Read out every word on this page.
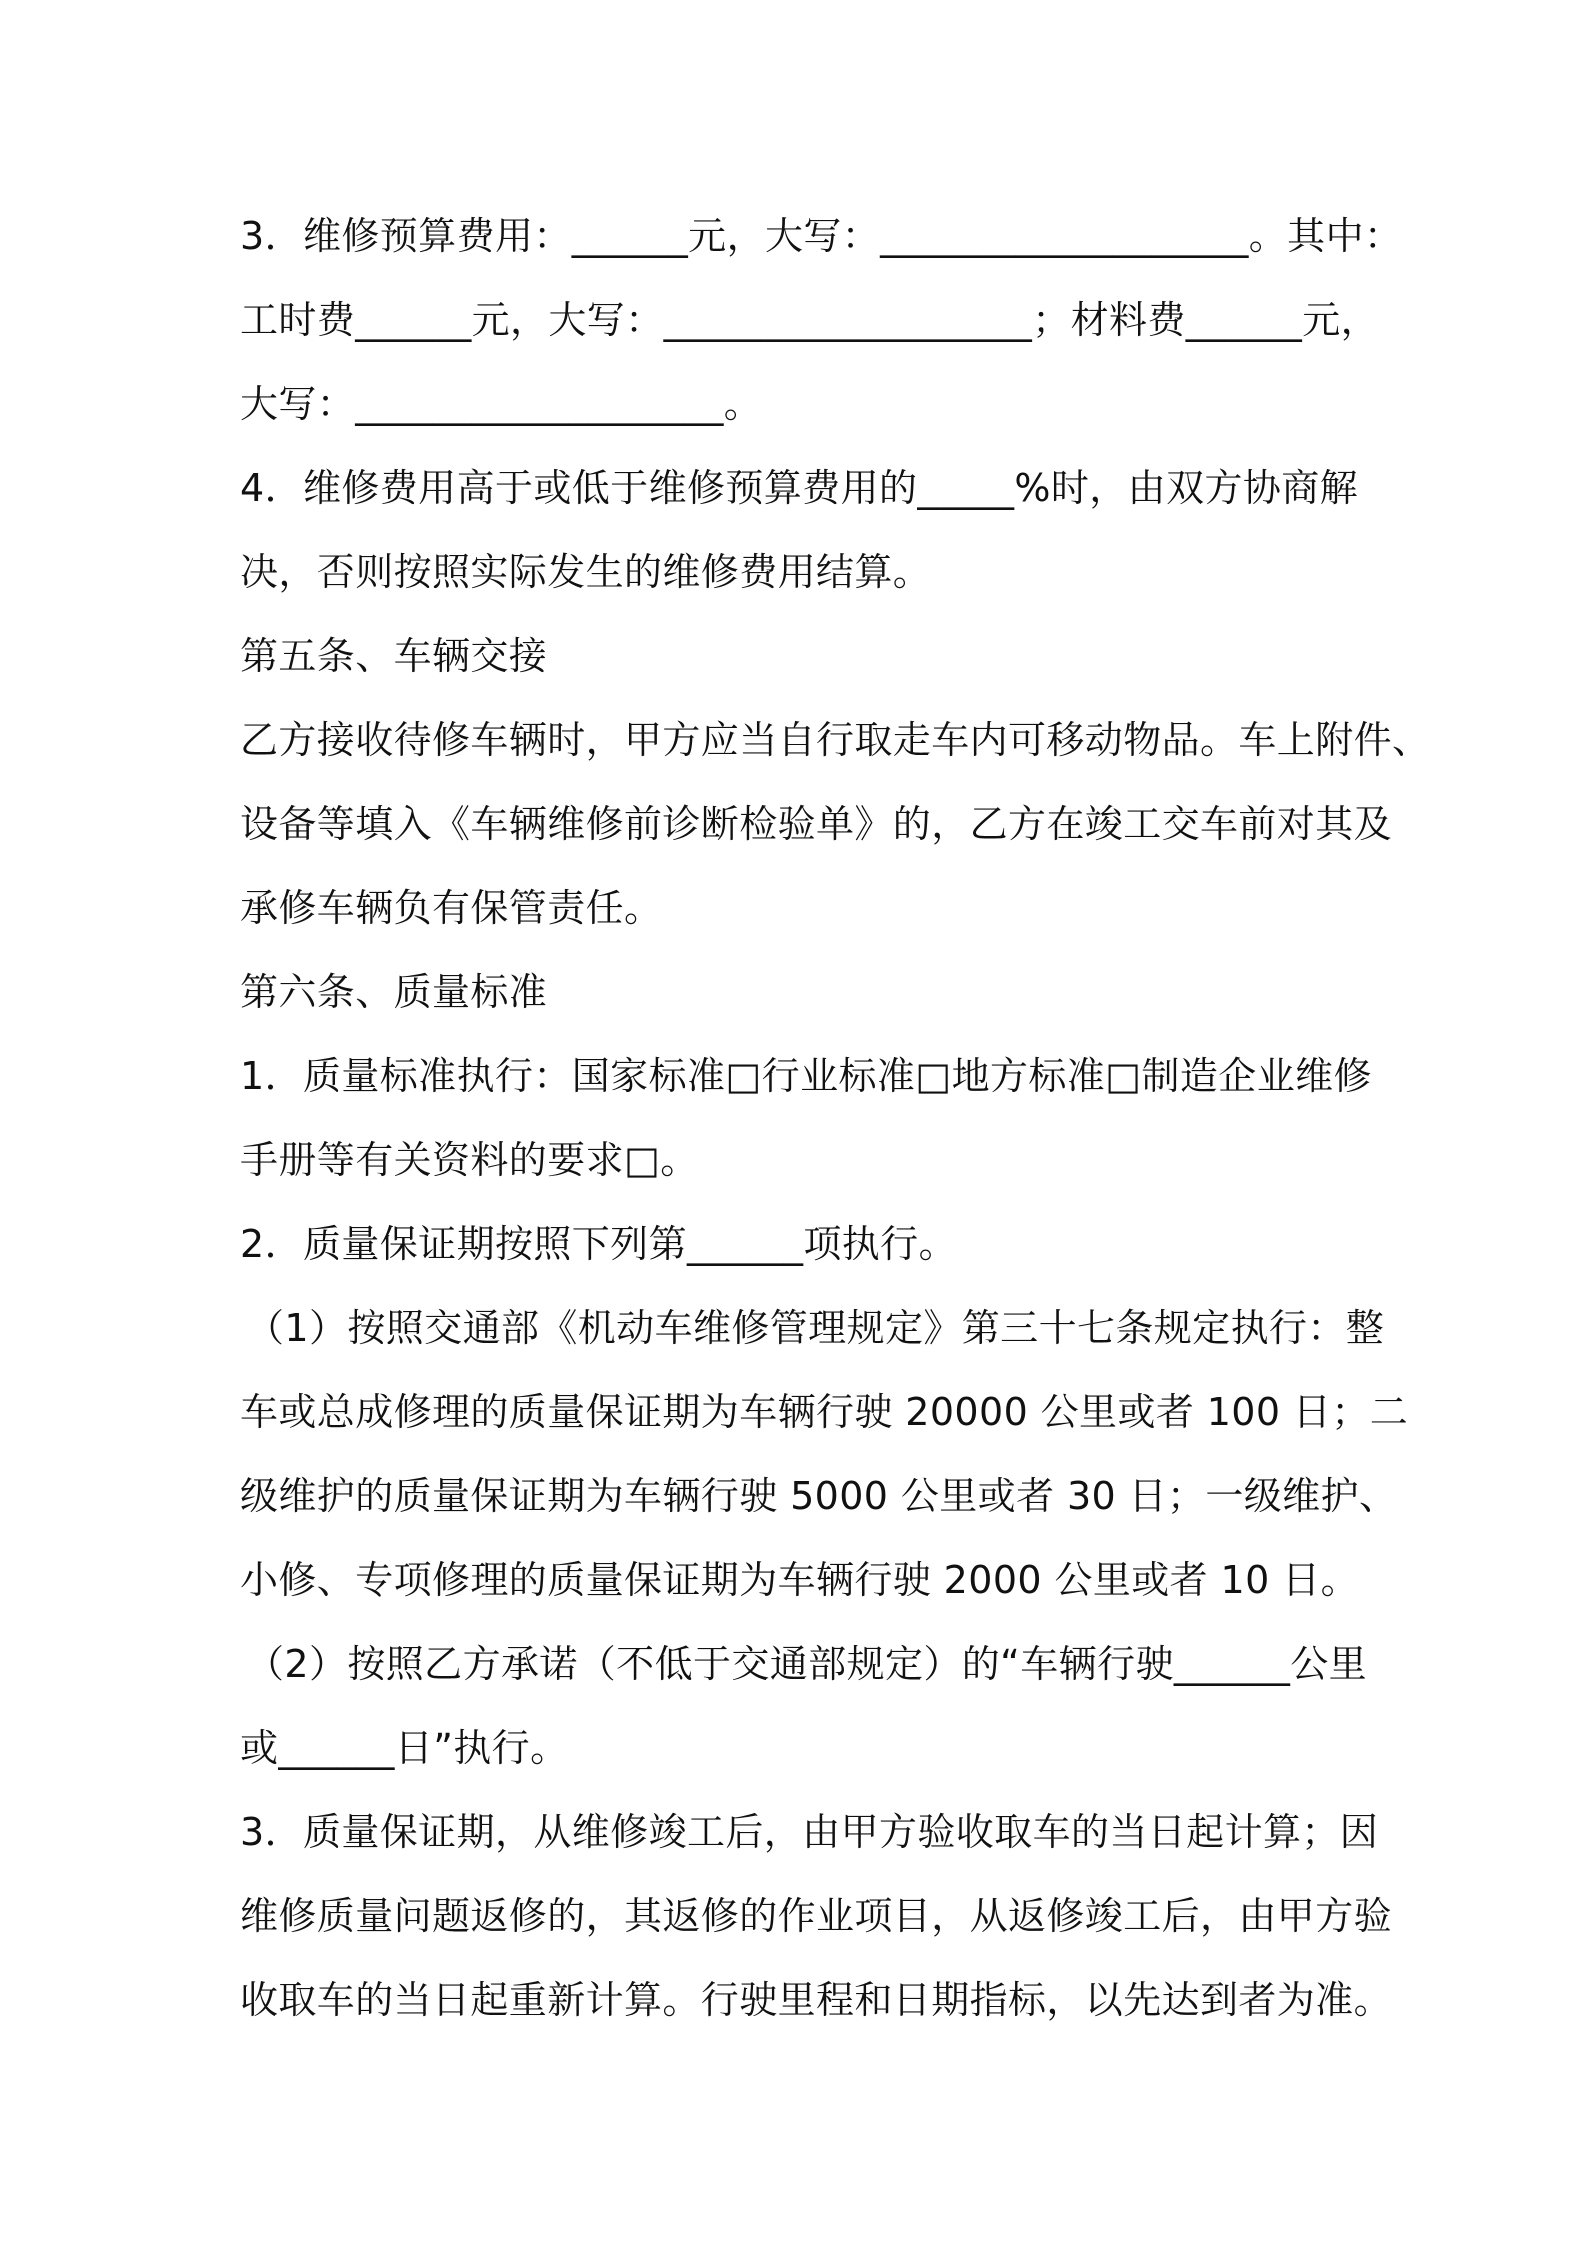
3．维修预算费用：______元，大写：___________________。其中：

工时费______元，大写：___________________；材料费______元，

大写：___________________。

4．维修费用高于或低于维修预算费用的_____%时，由双方协商解

决，否则按照实际发生的维修费用结算。

第五条、车辆交接

乙方接收待修车辆时，甲方应当自行取走车内可移动物品。车上附件、

设备等填入《车辆维修前诊断检验单》的，乙方在竣工交车前对其及

承修车辆负有保管责任。

第六条、质量标准

1．质量标准执行：国家标准□行业标准□地方标准□制造企业维修

手册等有关资料的要求□。

2．质量保证期按照下列第______项执行。

（1）按照交通部《机动车维修管理规定》第三十七条规定执行：整

车或总成修理的质量保证期为车辆行驶 20000 公里或者 100 日；二

级维护的质量保证期为车辆行驶 5000 公里或者 30 日；一级维护、

小修、专项修理的质量保证期为车辆行驶 2000 公里或者 10 日。

（2）按照乙方承诺（不低于交通部规定）的“车辆行驶______公里

或______日”执行。

3．质量保证期，从维修竣工后，由甲方验收取车的当日起计算；因

维修质量问题返修的，其返修的作业项目，从返修竣工后，由甲方验

收取车的当日起重新计算。行驶里程和日期指标，以先达到者为准。
